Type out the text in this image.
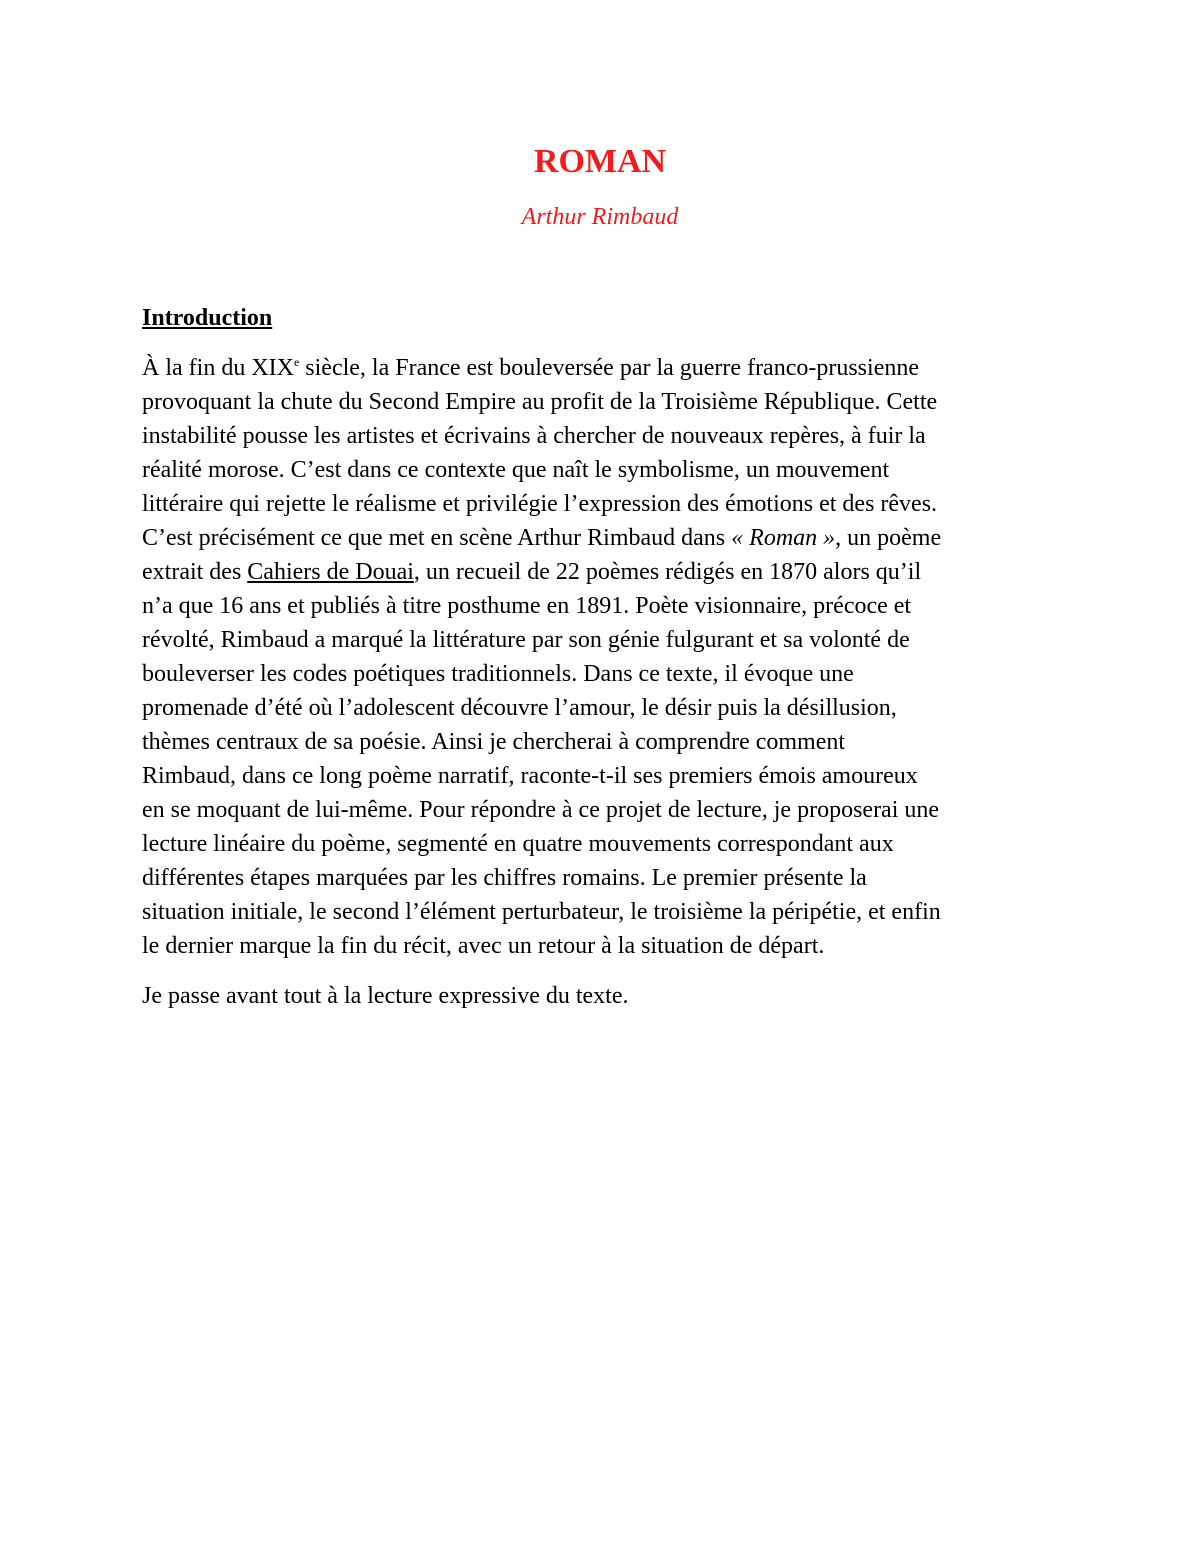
ROMAN
Arthur Rimbaud
Introduction

À la fin du XIXe siècle, la France est bouleversée par la guerre franco-prussienne
provoquant la chute du Second Empire au profit de la Troisième République. Cette
instabilité pousse les artistes et écrivains à chercher de nouveaux repères, à fuir la
réalité morose. C’est dans ce contexte que naît le symbolisme, un mouvement
littéraire qui rejette le réalisme et privilégie l’expression des émotions et des rêves.
C’est précisément ce que met en scène Arthur Rimbaud dans « Roman », un poème
extrait des Cahiers de Douai, un recueil de 22 poèmes rédigés en 1870 alors qu’il
n’a que 16 ans et publiés à titre posthume en 1891. Poète visionnaire, précoce et
révolté, Rimbaud a marqué la littérature par son génie fulgurant et sa volonté de
bouleverser les codes poétiques traditionnels. Dans ce texte, il évoque une
promenade d’été où l’adolescent découvre l’amour, le désir puis la désillusion,
thèmes centraux de sa poésie. Ainsi je chercherai à comprendre comment
Rimbaud, dans ce long poème narratif, raconte-t-il ses premiers émois amoureux
en se moquant de lui-même. Pour répondre à ce projet de lecture, je proposerai une
lecture linéaire du poème, segmenté en quatre mouvements correspondant aux
différentes étapes marquées par les chiffres romains. Le premier présente la
situation initiale, le second l’élément perturbateur, le troisième la péripétie, et enfin
le dernier marque la fin du récit, avec un retour à la situation de départ.

Je passe avant tout à la lecture expressive du texte.
